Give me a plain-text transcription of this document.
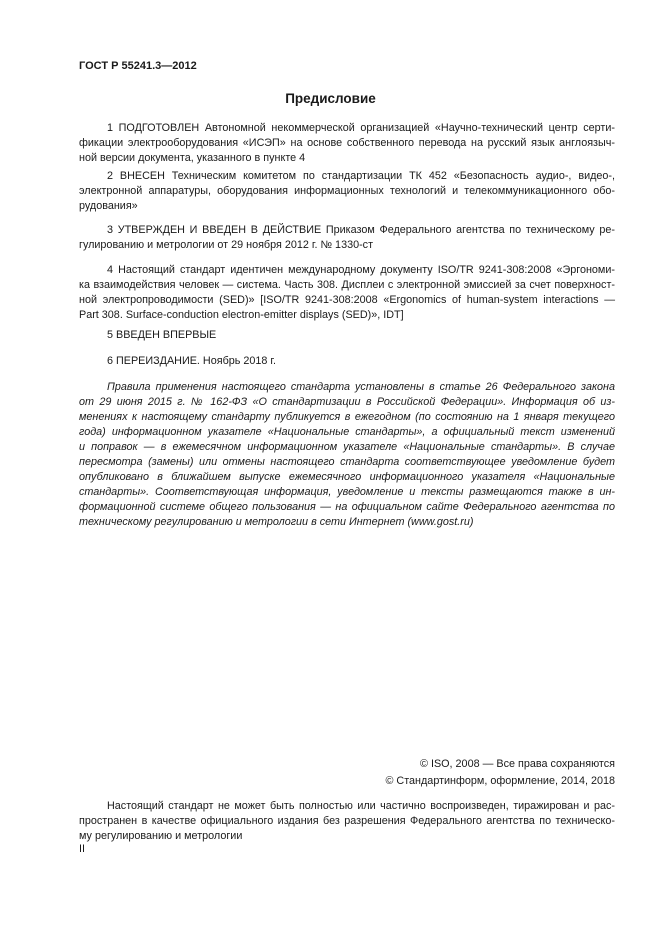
ГОСТ Р 55241.3—2012
Предисловие
1 ПОДГОТОВЛЕН Автономной некоммерческой организацией «Научно-технический центр серти-
фикации электрооборудования «ИСЭП» на основе собственного перевода на русский язык англоязыч-
ной версии документа, указанного в пункте 4
2 ВНЕСЕН Техническим комитетом по стандартизации ТК 452 «Безопасность аудио-, видео-,
электронной аппаратуры, оборудования информационных технологий и телекоммуникационного обо-
рудования»
3 УТВЕРЖДЕН И ВВЕДЕН В ДЕЙСТВИЕ Приказом Федерального агентства по техническому ре-
гулированию и метрологии от 29 ноября 2012 г. № 1330-ст
4 Настоящий стандарт идентичен международному документу ISO/TR 9241-308:2008 «Эргономи-
ка взаимодействия человек — система. Часть 308. Дисплеи с электронной эмиссией за счет поверхност-
ной электропроводимости (SED)» [ISO/TR 9241-308:2008 «Ergonomics of human-system interactions —
Part 308. Surface-conduction electron-emitter displays (SED)», IDT]
5 ВВЕДЕН ВПЕРВЫЕ
6 ПЕРЕИЗДАНИЕ. Ноябрь 2018 г.
Правила применения настоящего стандарта установлены в статье 26 Федерального закона
от 29 июня 2015 г. № 162-ФЗ «О стандартизации в Российской Федерации». Информация об из-
менениях к настоящему стандарту публикуется в ежегодном (по состоянию на 1 января текущего
года) информационном указателе «Национальные стандарты», а официальный текст изменений
и поправок — в ежемесячном информационном указателе «Национальные стандарты». В случае
пересмотра (замены) или отмены настоящего стандарта соответствующее уведомление будет
опубликовано в ближайшем выпуске ежемесячного информационного указателя «Национальные
стандарты». Соответствующая информация, уведомление и тексты размещаются также в ин-
формационной системе общего пользования — на официальном сайте Федерального агентства по
техническому регулированию и метрологии в сети Интернет (www.gost.ru)
© ISO, 2008 — Все права сохраняются
© Стандартинформ, оформление, 2014, 2018
Настоящий стандарт не может быть полностью или частично воспроизведен, тиражирован и рас-
пространен в качестве официального издания без разрешения Федерального агентства по техническо-
му регулированию и метрологии
II
